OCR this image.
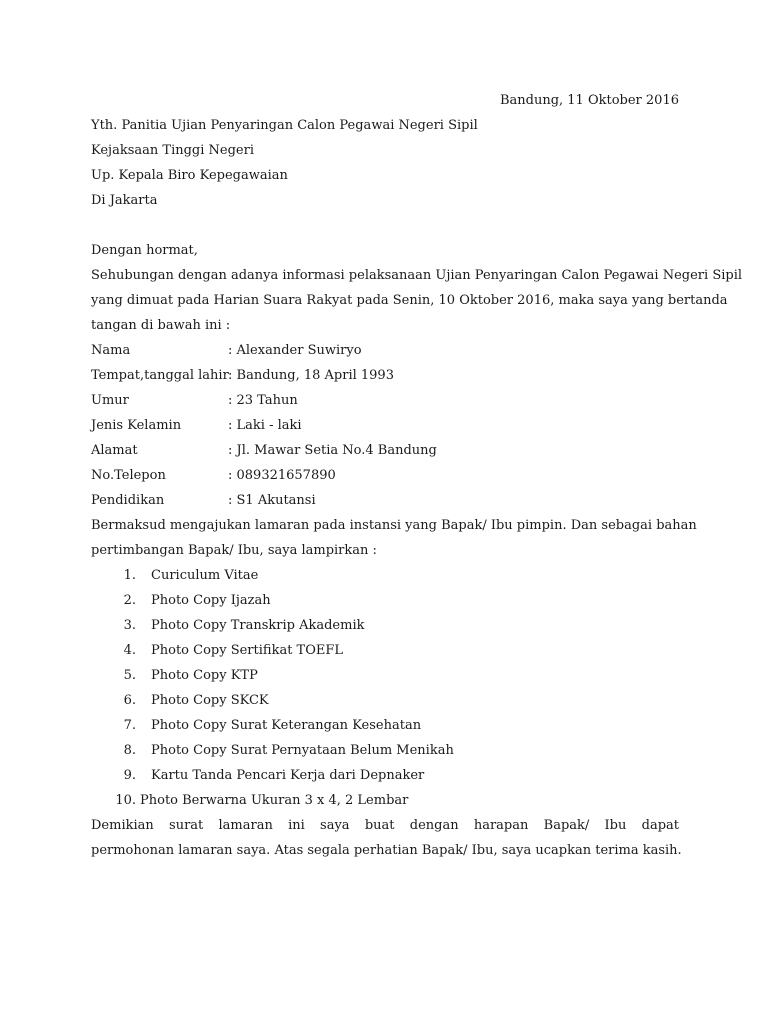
Bandung, 11 Oktober 2016
Yth. Panitia Ujian Penyaringan Calon Pegawai Negeri Sipil
Kejaksaan Tinggi Negeri
Up. Kepala Biro Kepegawaian
Di Jakarta
Dengan hormat,
Sehubungan dengan adanya informasi pelaksanaan Ujian Penyaringan Calon Pegawai Negeri Sipil
yang dimuat pada Harian Suara Rakyat pada Senin, 10 Oktober 2016, maka saya yang bertanda
tangan di bawah ini :
Nama	: Alexander Suwiryo
Tempat,tanggal lahir : Bandung, 18 April 1993
Umur	: 23 Tahun
Jenis Kelamin	: Laki - laki
Alamat	: Jl. Mawar Setia No.4 Bandung
No.Telepon	: 089321657890
Pendidikan	: S1 Akutansi
Bermaksud mengajukan lamaran pada instansi yang Bapak/ Ibu pimpin. Dan sebagai bahan
pertimbangan Bapak/ Ibu, saya lampirkan :
1. Curiculum Vitae
2. Photo Copy Ijazah
3. Photo Copy Transkrip Akademik
4. Photo Copy Sertifikat TOEFL
5. Photo Copy KTP
6. Photo Copy SKCK
7. Photo Copy Surat Keterangan Kesehatan
8. Photo Copy Surat Pernyataan Belum Menikah
9. Kartu Tanda Pencari Kerja dari Depnaker
10. Photo Berwarna Ukuran 3 x 4, 2 Lembar
Demikian surat lamaran ini saya buat dengan harapan Bapak/ Ibu dapat
permohonan lamaran saya. Atas segala perhatian Bapak/ Ibu, saya ucapkan terima kasih.
